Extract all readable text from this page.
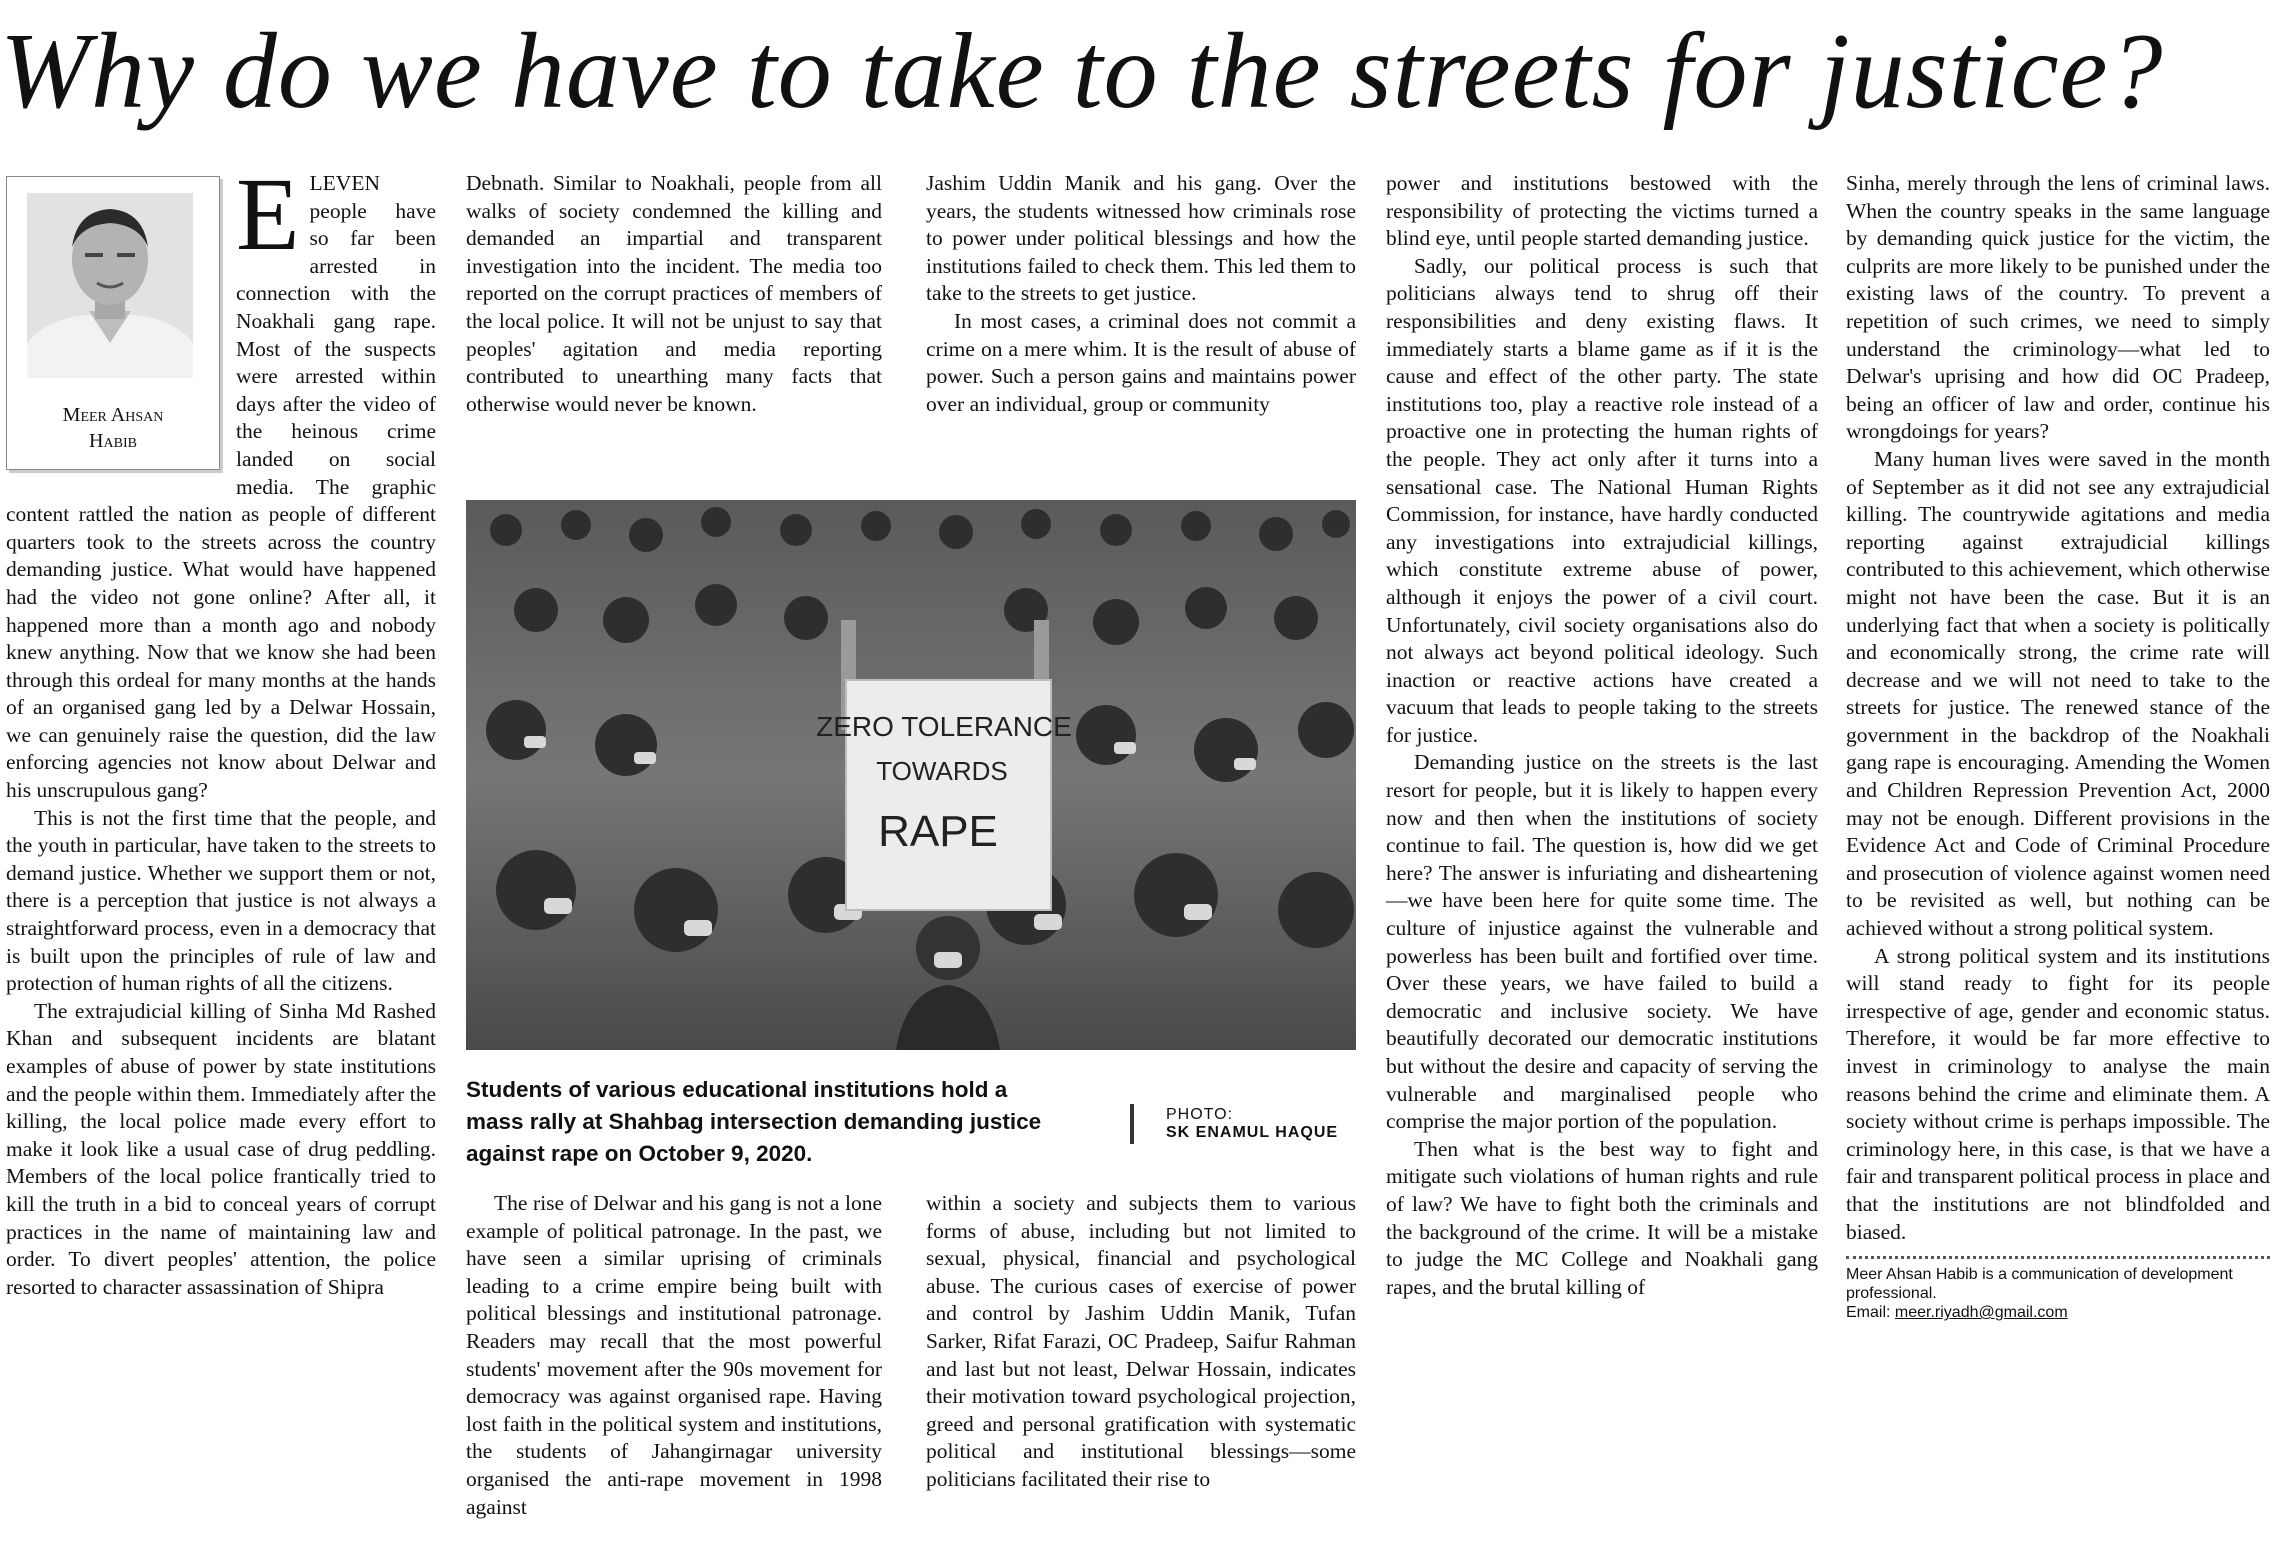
Why do we have to take to the streets for justice?
Meer Ahsan
Habib

ELEVEN people have so far been arrested in connection with the Noakhali gang rape. Most of the suspects were arrested within days after the video of the heinous crime landed on social media. The graphic content rattled the nation as people of different quarters took to the streets across the country demanding justice. What would have happened had the video not gone online? After all, it happened more than a month ago and nobody knew anything. Now that we know she had been through this ordeal for many months at the hands of an organised gang led by a Delwar Hossain, we can genuinely raise the question, did the law enforcing agencies not know about Delwar and his unscrupulous gang?

This is not the first time that the people, and the youth in particular, have taken to the streets to demand justice. Whether we support them or not, there is a perception that justice is not always a straightforward process, even in a democracy that is built upon the principles of rule of law and protection of human rights of all the citizens.

The extrajudicial killing of Sinha Md Rashed Khan and subsequent incidents are blatant examples of abuse of power by state institutions and the people within them. Immediately after the killing, the local police made every effort to make it look like a usual case of drug peddling. Members of the local police frantically tried to kill the truth in a bid to conceal years of corrupt practices in the name of maintaining law and order. To divert peoples' attention, the police resorted to character assassination of Shipra

Debnath. Similar to Noakhali, people from all walks of society condemned the killing and demanded an impartial and transparent investigation into the incident. The media too reported on the corrupt practices of members of the local police. It will not be unjust to say that peoples' agitation and media reporting contributed to unearthing many facts that otherwise would never be known.

Jashim Uddin Manik and his gang. Over the years, the students witnessed how criminals rose to power under political blessings and how the institutions failed to check them. This led them to take to the streets to get justice.

In most cases, a criminal does not commit a crime on a mere whim. It is the result of abuse of power. Such a person gains and maintains power over an individual, group or community

ZERO TOLERANCE
TOWARDS
RAPE
Students of various educational institutions hold a mass rally at Shahbag intersection demanding justice against rape on October 9, 2020.
PHOTO:
SK ENAMUL HAQUE

The rise of Delwar and his gang is not a lone example of political patronage. In the past, we have seen a similar uprising of criminals leading to a crime empire being built with political blessings and institutional patronage. Readers may recall that the most powerful students' movement after the 90s movement for democracy was against organised rape. Having lost faith in the political system and institutions, the students of Jahangirnagar university organised the anti-rape movement in 1998 against

within a society and subjects them to various forms of abuse, including but not limited to sexual, physical, financial and psychological abuse. The curious cases of exercise of power and control by Jashim Uddin Manik, Tufan Sarker, Rifat Farazi, OC Pradeep, Saifur Rahman and last but not least, Delwar Hossain, indicates their motivation toward psychological projection, greed and personal gratification with systematic political and institutional blessings—some politicians facilitated their rise to

power and institutions bestowed with the responsibility of protecting the victims turned a blind eye, until people started demanding justice.

Sadly, our political process is such that politicians always tend to shrug off their responsibilities and deny existing flaws. It immediately starts a blame game as if it is the cause and effect of the other party. The state institutions too, play a reactive role instead of a proactive one in protecting the human rights of the people. They act only after it turns into a sensational case. The National Human Rights Commission, for instance, have hardly conducted any investigations into extrajudicial killings, which constitute extreme abuse of power, although it enjoys the power of a civil court. Unfortunately, civil society organisations also do not always act beyond political ideology. Such inaction or reactive actions have created a vacuum that leads to people taking to the streets for justice.

Demanding justice on the streets is the last resort for people, but it is likely to happen every now and then when the institutions of society continue to fail. The question is, how did we get here? The answer is infuriating and disheartening—we have been here for quite some time. The culture of injustice against the vulnerable and powerless has been built and fortified over time. Over these years, we have failed to build a democratic and inclusive society. We have beautifully decorated our democratic institutions but without the desire and capacity of serving the vulnerable and marginalised people who comprise the major portion of the population.

Then what is the best way to fight and mitigate such violations of human rights and rule of law? We have to fight both the criminals and the background of the crime. It will be a mistake to judge the MC College and Noakhali gang rapes, and the brutal killing of

Sinha, merely through the lens of criminal laws. When the country speaks in the same language by demanding quick justice for the victim, the culprits are more likely to be punished under the existing laws of the country. To prevent a repetition of such crimes, we need to simply understand the criminology—what led to Delwar's uprising and how did OC Pradeep, being an officer of law and order, continue his wrongdoings for years?

Many human lives were saved in the month of September as it did not see any extrajudicial killing. The countrywide agitations and media reporting against extrajudicial killings contributed to this achievement, which otherwise might not have been the case. But it is an underlying fact that when a society is politically and economically strong, the crime rate will decrease and we will not need to take to the streets for justice. The renewed stance of the government in the backdrop of the Noakhali gang rape is encouraging. Amending the Women and Children Repression Prevention Act, 2000 may not be enough. Different provisions in the Evidence Act and Code of Criminal Procedure and prosecution of violence against women need to be revisited as well, but nothing can be achieved without a strong political system.

A strong political system and its institutions will stand ready to fight for its people irrespective of age, gender and economic status. Therefore, it would be far more effective to invest in criminology to analyse the main reasons behind the crime and eliminate them. A society without crime is perhaps impossible. The criminology here, in this case, is that we have a fair and transparent political process in place and that the institutions are not blindfolded and biased.

Meer Ahsan Habib is a communication of development professional.
Email: meer.riyadh@gmail.com
